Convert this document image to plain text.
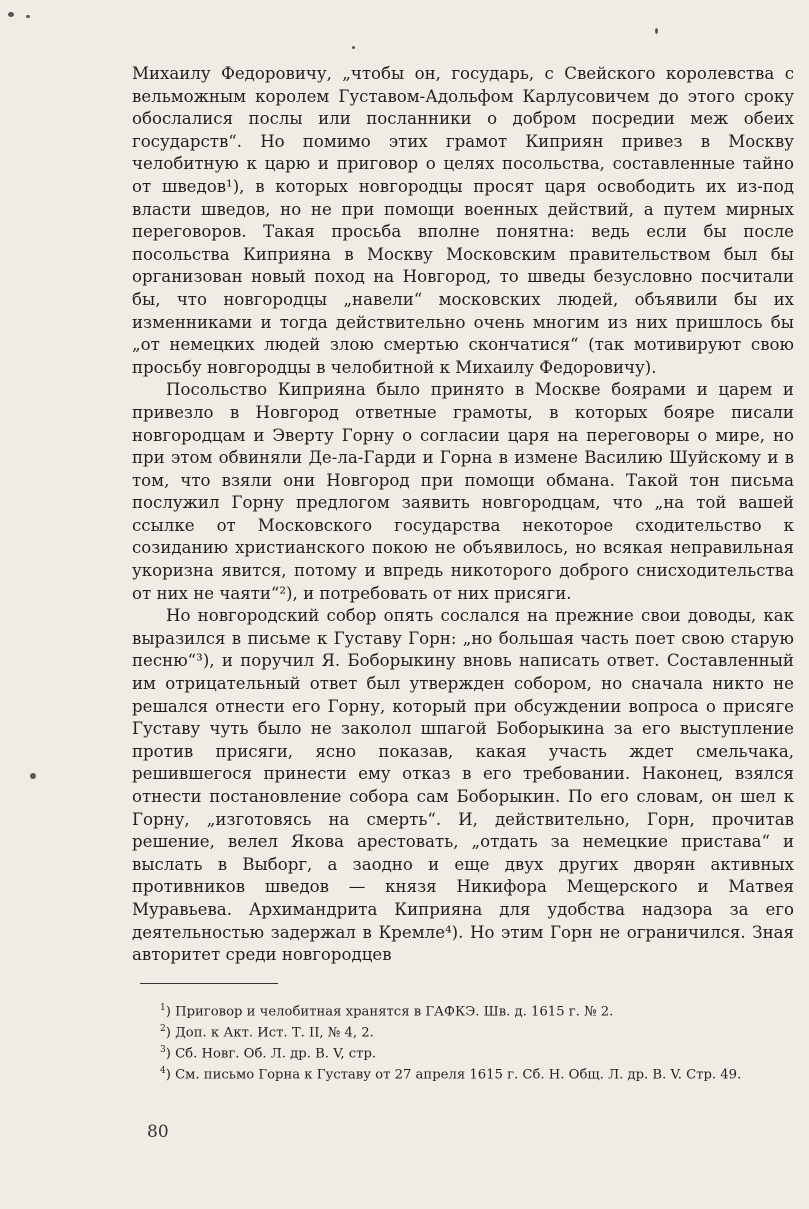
Михаилу Федоровичу, „чтобы он, государь, с Свейского королевства с вельможным королем Густавом-Адольфом Карлусовичем до этого сроку обослалися послы или посланники о добром посредии меж обеих государств“. Но помимо этих грамот Киприян привез в Москву челобитную к царю и приговор о целях посольства, составленные тайно от шведов¹), в которых новгородцы просят царя освободить их из-под власти шведов, но не при помощи военных действий, а путем мирных переговоров. Такая просьба вполне понятна: ведь если бы после посольства Киприяна в Москву Московским правительством был бы организован новый поход на Новгород, то шведы безусловно посчитали бы, что новгородцы „навели“ московских людей, объявили бы их изменниками и тогда действительно очень многим из них пришлось бы „от немецких людей злою смертью скончатися“ (так мотивируют свою просьбу новгородцы в челобитной к Михаилу Федоровичу).

Посольство Киприяна было принято в Москве боярами и царем и привезло в Новгород ответные грамоты, в которых бояре писали новгородцам и Эверту Горну о согласии царя на переговоры о мире, но при этом обвиняли Де-ла-Гарди и Горна в измене Василию Шуйскому и в том, что взяли они Новгород при помощи обмана. Такой тон письма послужил Горну предлогом заявить новгородцам, что „на той вашей ссылке от Московского государства некоторое сходительство к созиданию христианского покою не объявилось, но всякая неправильная укоризна явится, потому и впредь никоторого доброго снисходительства от них не чаяти“²), и потребовать от них присяги.

Но новгородский собор опять сослался на прежние свои доводы, как выразился в письме к Густаву Горн: „но большая часть поет свою старую песню“³), и поручил Я. Боборыкину вновь написать ответ. Составленный им отрицательный ответ был утвержден собором, но сначала никто не решался отнести его Горну, который при обсуждении вопроса о присяге Густаву чуть было не заколол шпагой Боборыкина за его выступление против присяги, ясно показав, какая участь ждет смельчака, решившегося принести ему отказ в его требовании. Наконец, взялся отнести постановление собора сам Боборыкин. По его словам, он шел к Горну, „изготовясь на смерть“. И, действительно, Горн, прочитав решение, велел Якова арестовать, „отдать за немецкие пристава“ и выслать в Выборг, а заодно и еще двух других дворян активных противников шведов — князя Никифора Мещерского и Матвея Муравьева. Архимандрита Киприяна для удобства надзора за его деятельностью задержал в Кремле⁴). Но этим Горн не ограничился. Зная авторитет среди новгородцев

$^1$) Приговор и челобитная хранятся в ГАФКЭ. Шв. д. 1615 г. № 2.

$^2$) Доп. к Акт. Ист. Т. II, № 4, 2.

$^3$) Сб. Новг. Об. Л. др. В. V, стр.

$^4$) См. письмо Горна к Густаву от 27 апреля 1615 г. Сб. Н. Общ. Л. др. В. V. Стр. 49.

80
